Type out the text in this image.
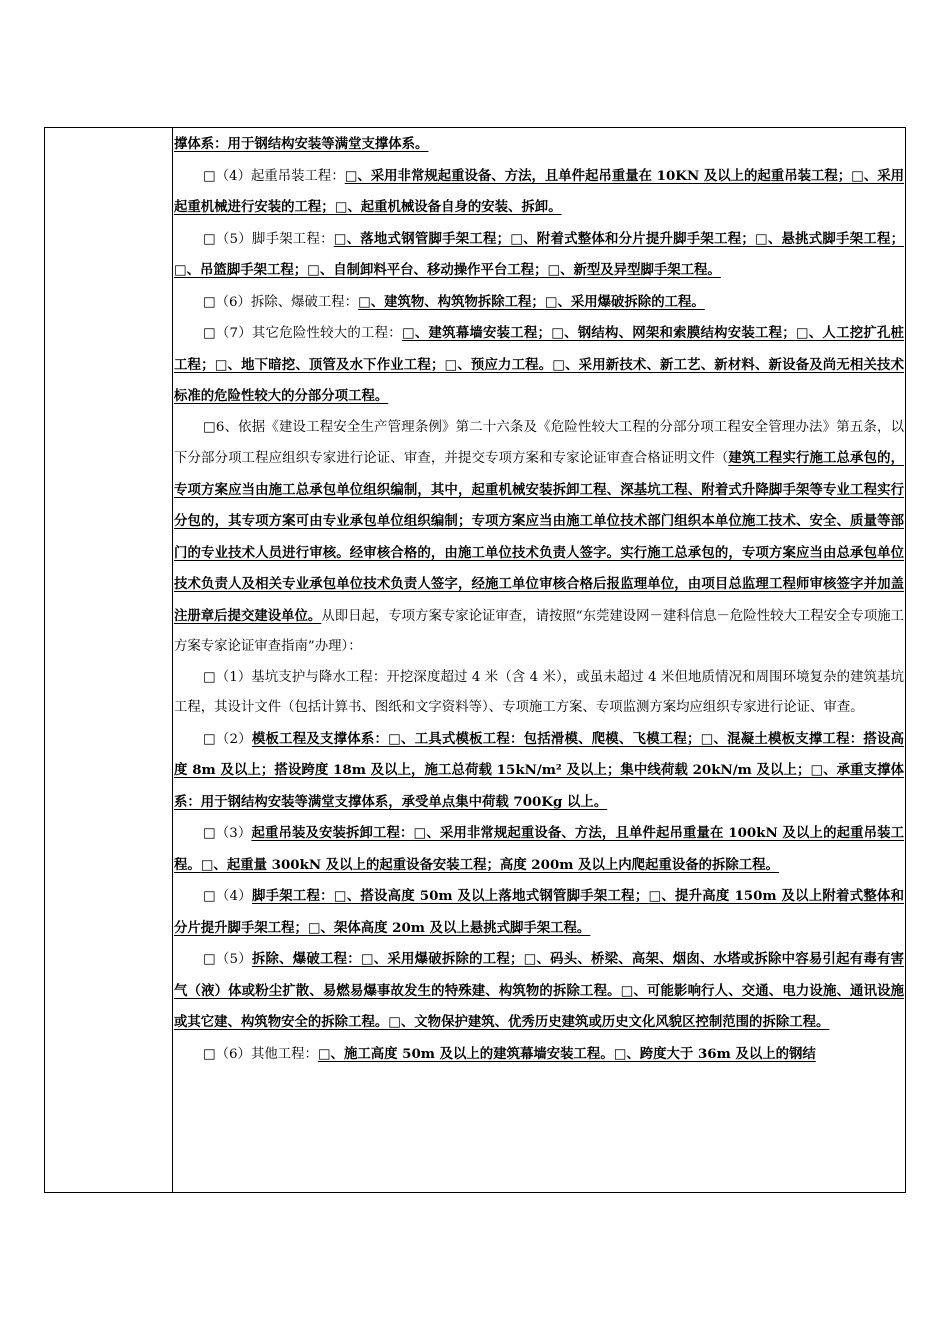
撑体系：用于钢结构安装等满堂支撑体系。

□（4）起重吊装工程：□、采用非常规起重设备、方法，且单件起吊重量在 10KN 及以上的起重吊装工程；□、采用起重机械进行安装的工程；□、起重机械设备自身的安装、拆卸。

□（5）脚手架工程：□、落地式钢管脚手架工程；□、附着式整体和分片提升脚手架工程；□、悬挑式脚手架工程；□、吊篮脚手架工程；□、自制卸料平台、移动操作平台工程；□、新型及异型脚手架工程。

□（6）拆除、爆破工程：□、建筑物、构筑物拆除工程；□、采用爆破拆除的工程。

□（7）其它危险性较大的工程：□、建筑幕墙安装工程；□、钢结构、网架和索膜结构安装工程；□、人工挖扩孔桩工程；□、地下暗挖、顶管及水下作业工程；□、预应力工程。□、采用新技术、新工艺、新材料、新设备及尚无相关技术标准的危险性较大的分部分项工程。

□6、依据《建设工程安全生产管理条例》第二十六条及《危险性较大工程的分部分项工程安全管理办法》第五条，以下分部分项工程应组织专家进行论证、审查，并提交专项方案和专家论证审查合格证明文件（建筑工程实行施工总承包的，专项方案应当由施工总承包单位组织编制，其中，起重机械安装拆卸工程、深基坑工程、附着式升降脚手架等专业工程实行分包的，其专项方案可由专业承包单位组织编制；专项方案应当由施工单位技术部门组织本单位施工技术、安全、质量等部门的专业技术人员进行审核。经审核合格的，由施工单位技术负责人签字。实行施工总承包的，专项方案应当由总承包单位技术负责人及相关专业承包单位技术负责人签字，经施工单位审核合格后报监理单位，由项目总监理工程师审核签字并加盖注册章后提交建设单位。从即日起，专项方案专家论证审查，请按照“东莞建设网－建科信息－危险性较大工程安全专项施工方案专家论证审查指南”办理）：

□（1）基坑支护与降水工程：开挖深度超过 4 米（含 4 米），或虽未超过 4 米但地质情况和周围环境复杂的建筑基坑工程，其设计文件（包括计算书、图纸和文字资料等）、专项施工方案、专项监测方案均应组织专家进行论证、审查。

□（2）模板工程及支撑体系：□、工具式模板工程：包括滑模、爬模、飞模工程；□、混凝土模板支撑工程：搭设高度 8m 及以上；搭设跨度 18m 及以上，施工总荷载 15kN/m² 及以上；集中线荷载 20kN/m 及以上；□、承重支撑体系：用于钢结构安装等满堂支撑体系，承受单点集中荷载 700Kg 以上。

□（3）起重吊装及安装拆卸工程：□、采用非常规起重设备、方法，且单件起吊重量在 100kN 及以上的起重吊装工程。□、起重量 300kN 及以上的起重设备安装工程；高度 200m 及以上内爬起重设备的拆除工程。

□（4）脚手架工程：□、搭设高度 50m 及以上落地式钢管脚手架工程；□、提升高度 150m 及以上附着式整体和分片提升脚手架工程；□、架体高度 20m 及以上悬挑式脚手架工程。

□（5）拆除、爆破工程：□、采用爆破拆除的工程；□、码头、桥梁、高架、烟囱、水塔或拆除中容易引起有毒有害气（液）体或粉尘扩散、易燃易爆事故发生的特殊建、构筑物的拆除工程。□、可能影响行人、交通、电力设施、通讯设施或其它建、构筑物安全的拆除工程。□、文物保护建筑、优秀历史建筑或历史文化风貌区控制范围的拆除工程。

□（6）其他工程：□、施工高度 50m 及以上的建筑幕墙安装工程。□、跨度大于 36m 及以上的钢结
